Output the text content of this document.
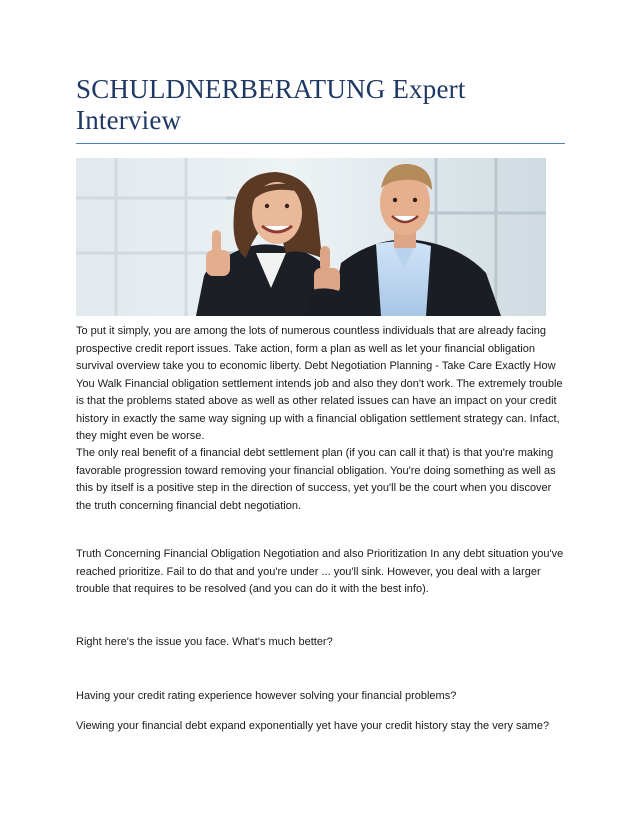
SCHULDNERBERATUNG Expert Interview
To put it simply, you are among the lots of numerous countless individuals that are already facing prospective credit report issues. Take action, form a plan as well as let your financial obligation survival overview take you to economic liberty. Debt Negotiation Planning - Take Care Exactly How You Walk Financial obligation settlement intends job and also they don't work. The extremely trouble is that the problems stated above as well as other related issues can have an impact on your credit history in exactly the same way signing up with a financial obligation settlement strategy can. Infact, they might even be worse.
The only real benefit of a financial debt settlement plan (if you can call it that) is that you're making favorable progression toward removing your financial obligation. You're doing something as well as this by itself is a positive step in the direction of success, yet you'll be the court when you discover the truth concerning financial debt negotiation.
Truth Concerning Financial Obligation Negotiation and also Prioritization In any debt situation you've reached prioritize. Fail to do that and you're under ... you'll sink. However, you deal with a larger trouble that requires to be resolved (and you can do it with the best info).
Right here's the issue you face. What's much better?
Having your credit rating experience however solving your financial problems?
Viewing your financial debt expand exponentially yet have your credit history stay the very same?
